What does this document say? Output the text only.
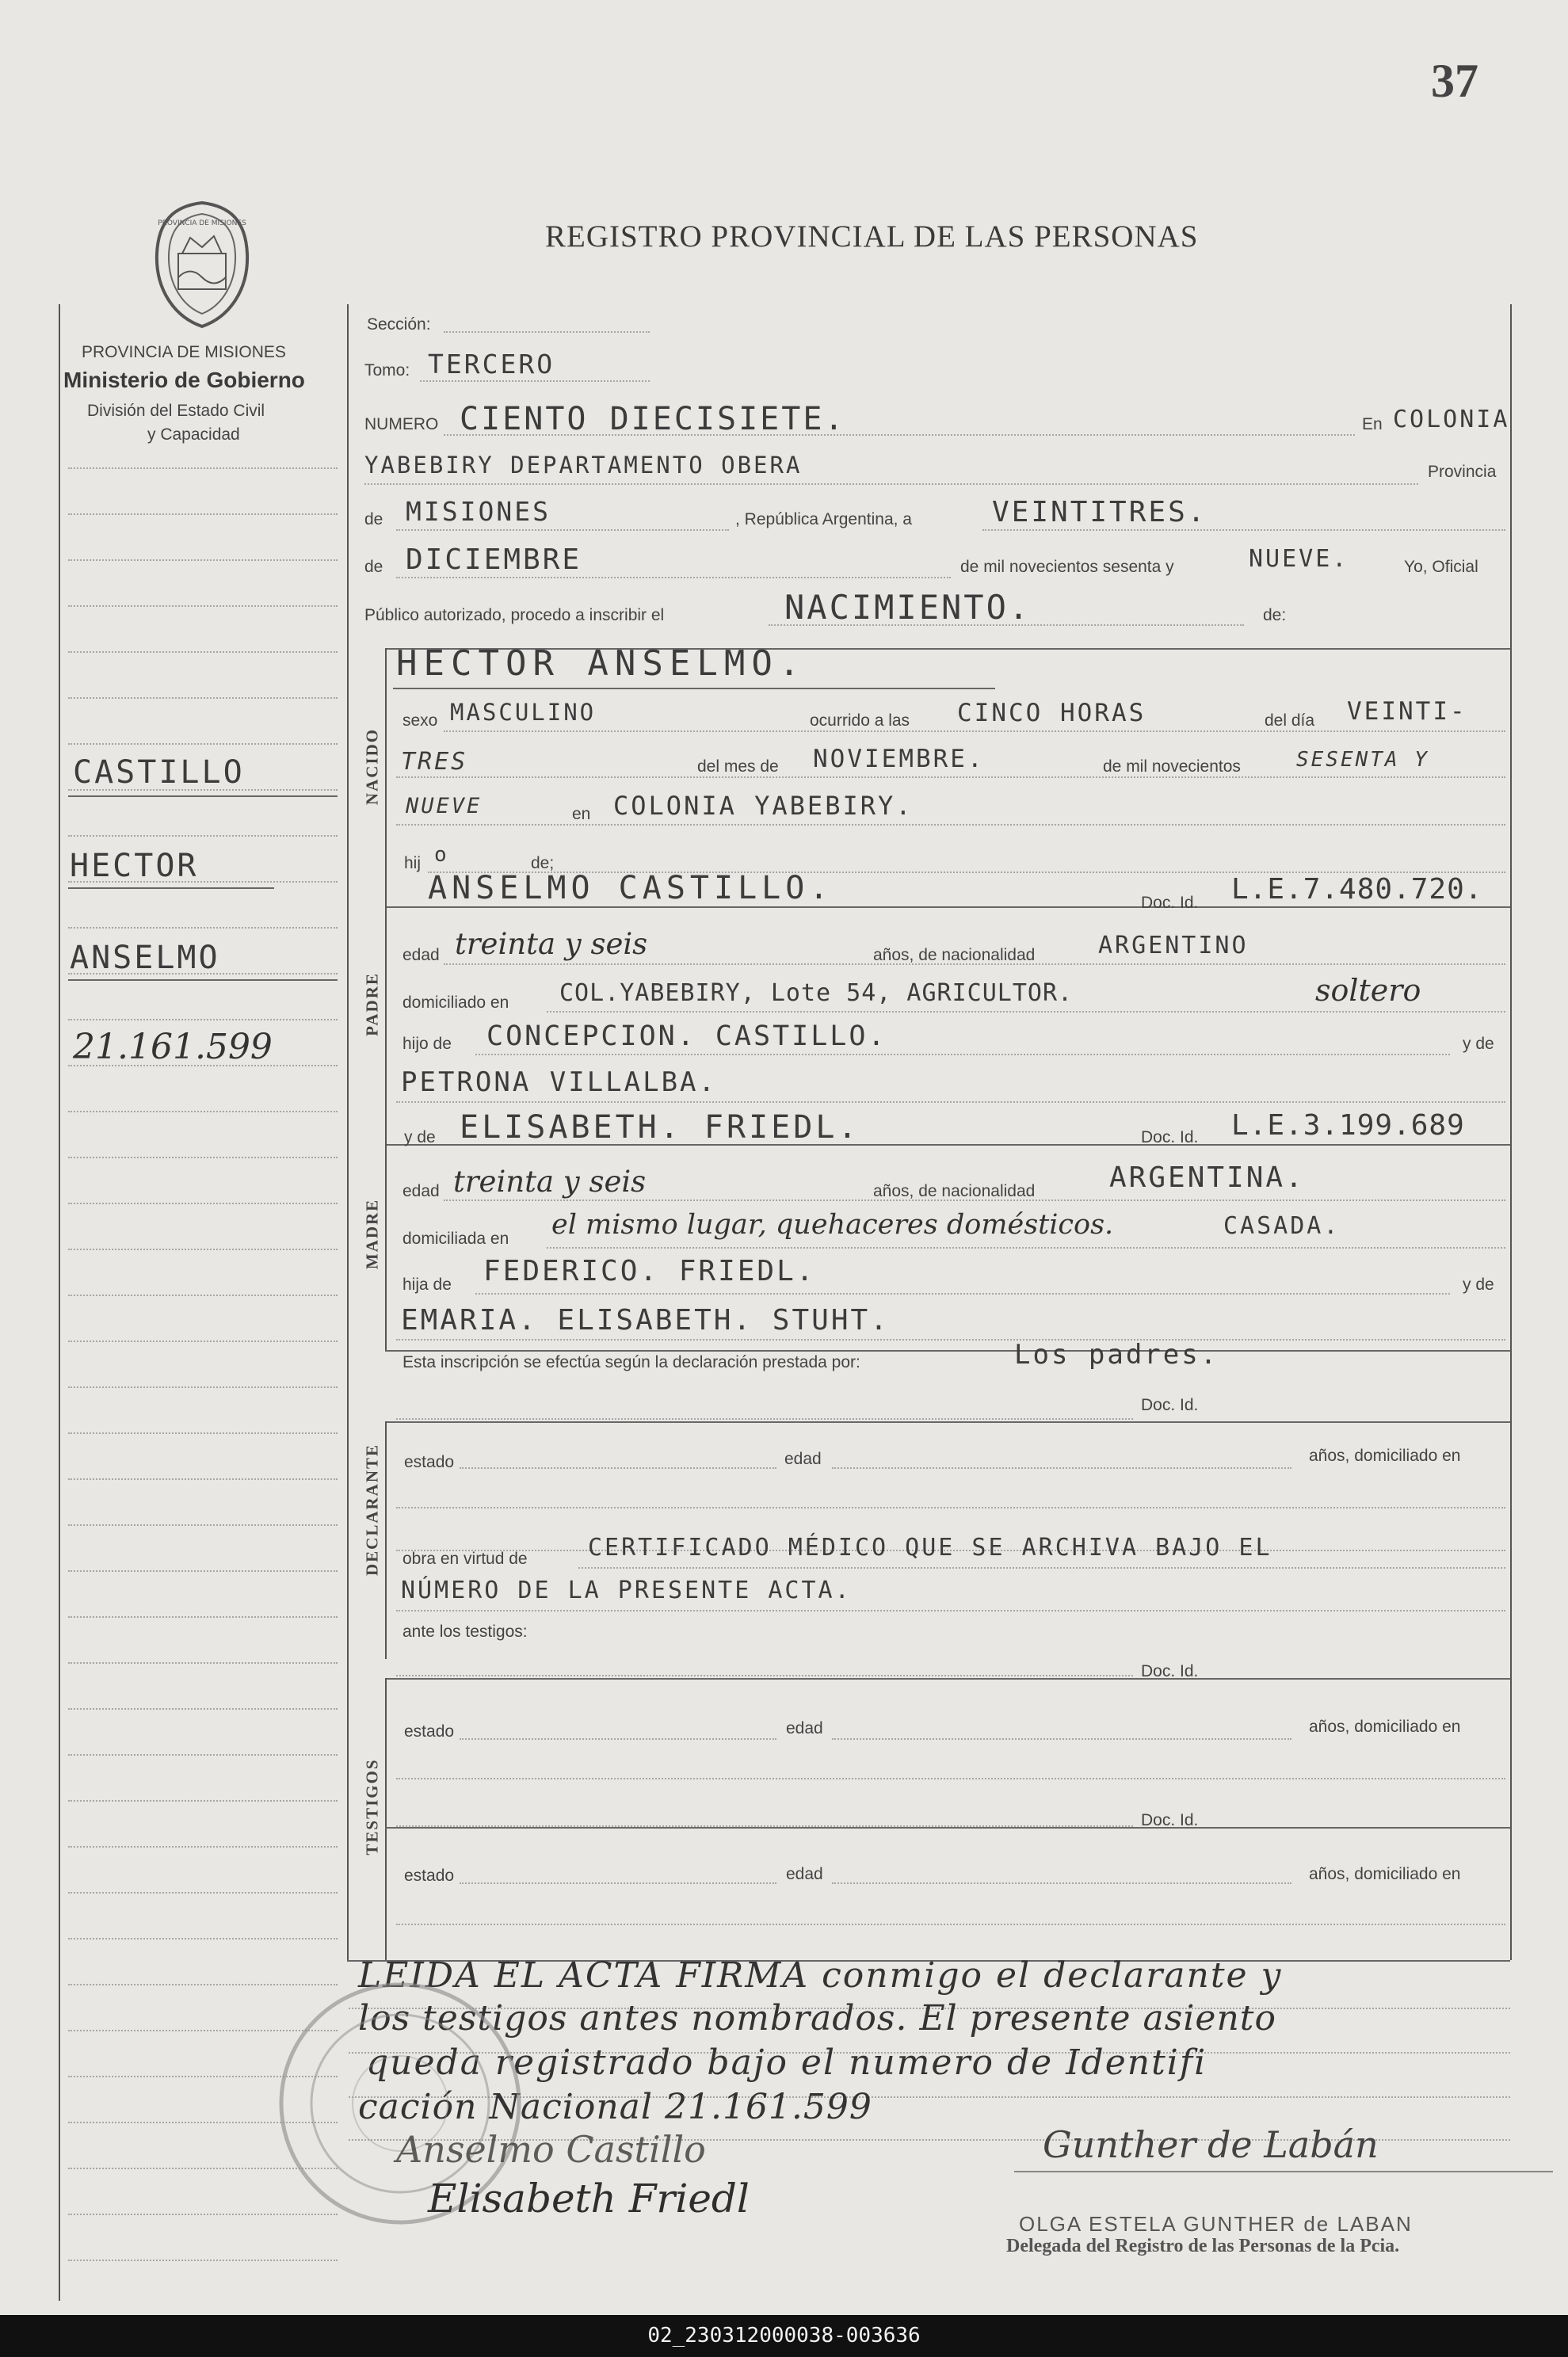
37
REGISTRO PROVINCIAL DE LAS PERSONAS
PROVINCIA DE MISIONES
PROVINCIA DE MISIONES
Ministerio de Gobierno
División del Estado Civil
y Capacidad
CASTILLO
HECTOR
ANSELMO
21.161.599
Sección:
Tomo: TERCERO
NUMERO CIENTO DIECISIETE.	En COLONIA
YABEBIRY DEPARTAMENTO OBERA	Provincia
de MISIONES	, República Argentina, a	VEINTITRES.
de DICIEMBRE	de mil novecientos sesenta y	NUEVE.	Yo, Oficial
Público autorizado, procedo a inscribir el	NACIMIENTO.	de:
NACIDO
PADRE
MADRE
DECLARANTE
TESTIGOS
HECTOR ANSELMO.
sexo MASCULINO	ocurrido a las CINCO HORAS	del día VEINTI-
TRES	del mes de NOVIEMBRE.	de mil novecientos	SESENTA Y
NUEVE	en COLONIA YABEBIRY.
hij o	de;
ANSELMO CASTILLO.	Doc. Id. L.E.7.480.720.
edad treinta y seis	años, de nacionalidad	ARGENTINO
domiciliado en COL.YABEBIRY, Lote 54, AGRICULTOR.	soltero
hijo de CONCEPCION. CASTILLO.	y de
PETRONA VILLALBA.
y de ELISABETH. FRIEDL.	Doc. Id. L.E.3.199.689
edad treinta y seis	años, de nacionalidad	ARGENTINA.
domiciliada en el mismo lugar, quehaceres domésticos.	CASADA.
hija de FEDERICO. FRIEDL.	y de
EMARIA. ELISABETH. STUHT.
Esta inscripción se efectúa según la declaración prestada por:	Los padres.
Doc. Id.
estado	edad	años, domiciliado en
obra en virtud de	CERTIFICADO MÉDICO QUE SE ARCHIVA BAJO EL
NÚMERO DE LA PRESENTE ACTA.
ante los testigos:
Doc. Id.
estado	edad	años, domiciliado en
Doc. Id.
estado	edad	años, domiciliado en
LEIDA EL ACTA FIRMA conmigo el declarante y
los testigos antes nombrados. El presente asiento
queda registrado bajo el numero de Identifi
cación Nacional 21.161.599
Anselmo Castillo
Elisabeth Friedl
Gunther de Labán
OLGA ESTELA GUNTHER de LABAN
Delegada del Registro de las Personas de la Pcia.
02_230312000038-003636
